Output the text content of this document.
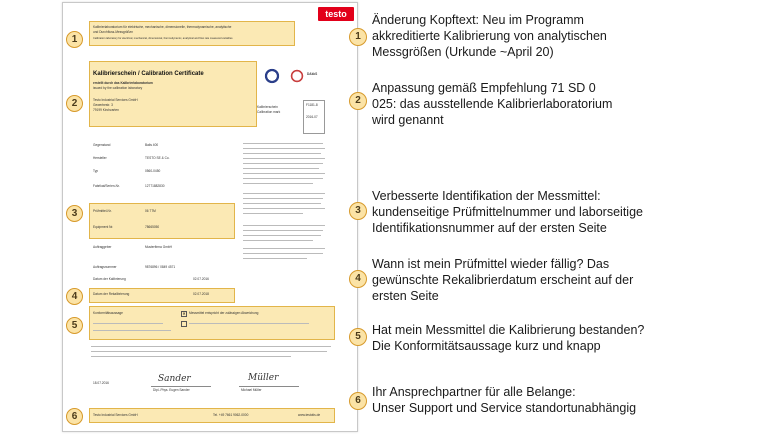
Kalibrierlaboratorium für elektrische, mechanische, dimensionelle, thermodynamische, analytische
und Durchfluss-Messgrößen
Calibration laboratory for electrical, mechanical, dimensional, thermodynamic, analytical and flow rate measured variables
testo
Kalibrierschein / Calibration Certificate
erstellt durch das Kalibrierlaboratorium
issued by the calibration laboratory
Testo Industrial Services GmbH
Gewerbestr. 3
79199 Kirchzarten
DAkkS
Kalibrierschein
Calibration mark
F1181-8
2016-07
Gegenstand	Balis 400
Hersteller	TESTO SE & Co.
Typ	0560-0450
Fabrikat/Serien-Nr.	12771882830
Prüfmittel-Nr.	06 7TM
Equipment Nr.	78665050
Auftraggeber	Musterfirma GmbH
Auftragsnummer	9876896 / 0849 4571
Datum der Kalibrierung	02.07.2016
Datum der Rekalibrierung	02.07.2018
Konformitätsaussage	✕	Messmittel entspricht der zulässigen Abweichung
18.07.2016	Sander	Müller
Dipl.-Phys. Eugen Sander	Michael Müller
Testo Industrial Services GmbH	Tel. +49 7661 9062-0000	www.testotis.de
1
2
3
4
5
6
1
Änderung Kopftext: Neu im Programm
akkreditierte Kalibrierung von analytischen
Messgrößen (Urkunde ~April 20)
2
Anpassung gemäß Empfehlung 71 SD 0
025: das ausstellende Kalibrierlaboratorium
wird genannt
3
Verbesserte Identifikation der Messmittel:
kundenseitige Prüfmittelnummer und laborseitige
Identifikationsnummer auf der ersten Seite
4
Wann ist mein Prüfmittel wieder fällig? Das
gewünschte Rekalibrierdatum erscheint auf der
ersten Seite
5 Hat mein Messmittel die Kalibrierung bestanden?
Die Konformitätsaussage kurz und knapp
6
Ihr Ansprechpartner für alle Belange:
Unser Support und Service standortunabhängig
